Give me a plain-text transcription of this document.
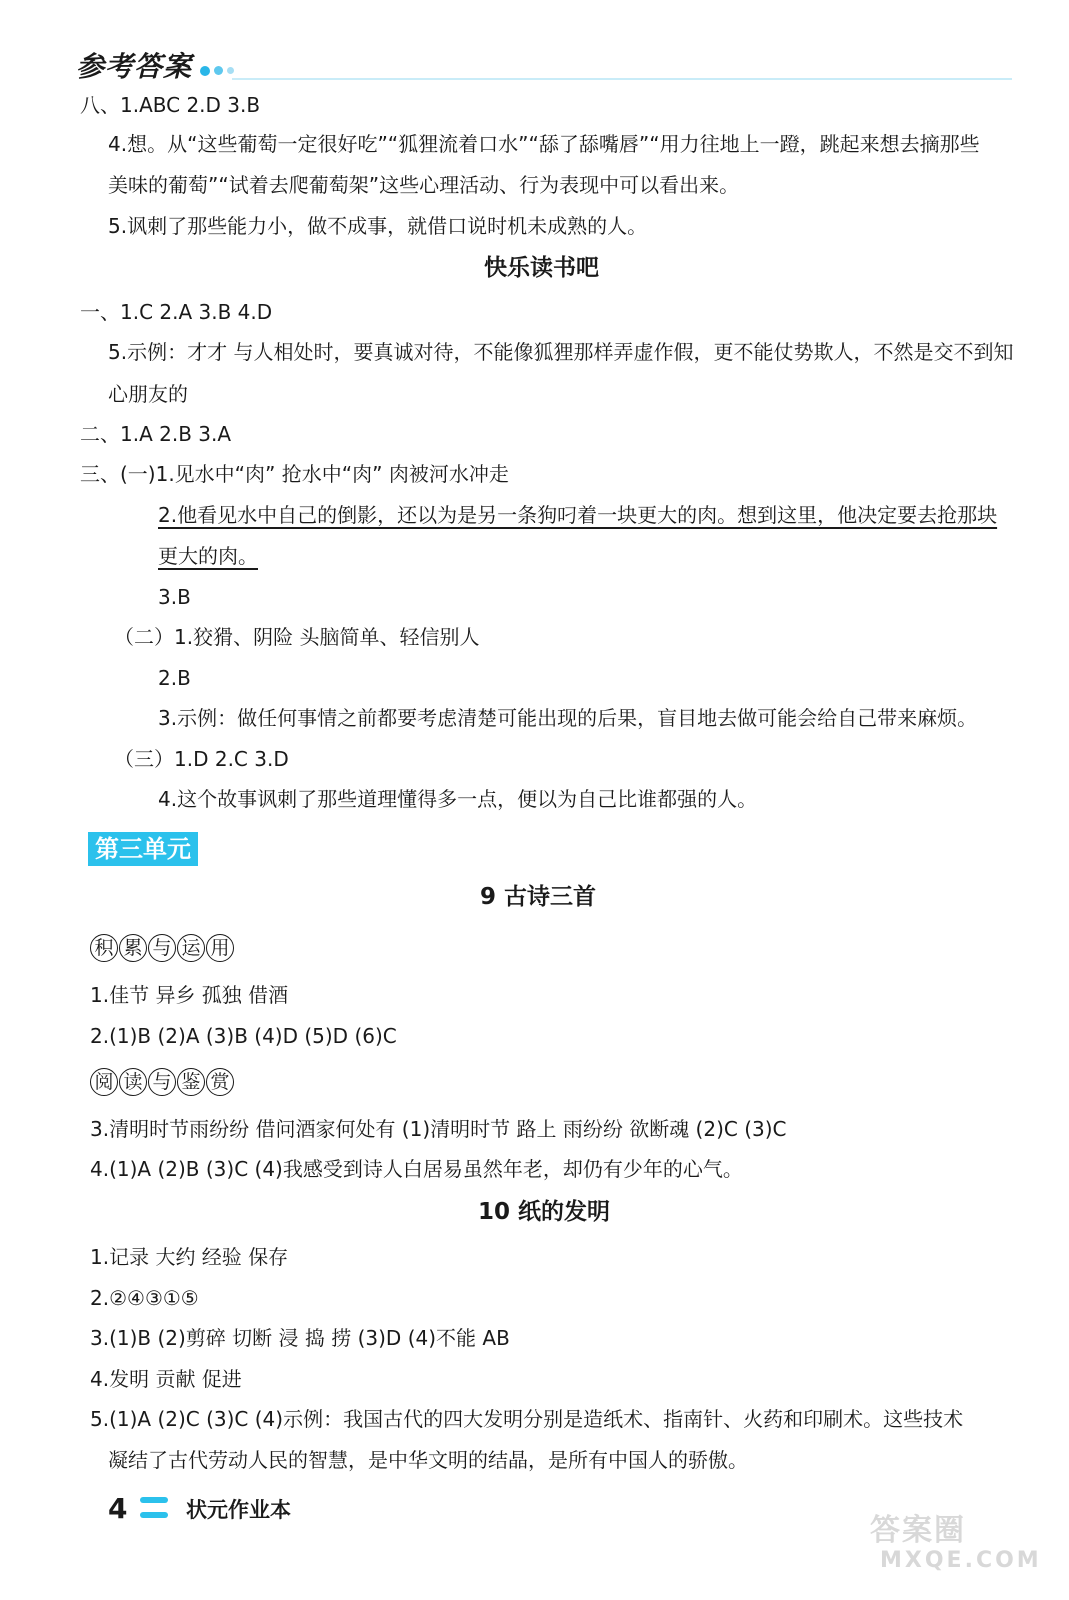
参考答案
八、1.ABC 2.D 3.B
4.想。从“这些葡萄一定很好吃”“狐狸流着口水”“舔了舔嘴唇”“用力往地上一蹬，跳起来想去摘那些
美味的葡萄”“试着去爬葡萄架”这些心理活动、行为表现中可以看出来。
5.讽刺了那些能力小，做不成事，就借口说时机未成熟的人。
快乐读书吧
一、1.C 2.A 3.B 4.D
5.示例：才才 与人相处时，要真诚对待，不能像狐狸那样弄虚作假，更不能仗势欺人，不然是交不到知
心朋友的
二、1.A 2.B 3.A
三、(一)1.见水中“肉” 抢水中“肉” 肉被河水冲走
2.他看见水中自己的倒影，还以为是另一条狗叼着一块更大的肉。想到这里，他决定要去抢那块
更大的肉。
3.B
（二）1.狡猾、阴险 头脑简单、轻信别人
2.B
3.示例：做任何事情之前都要考虑清楚可能出现的后果，盲目地去做可能会给自己带来麻烦。
（三）1.D 2.C 3.D
4.这个故事讽刺了那些道理懂得多一点，便以为自己比谁都强的人。
第三单元
9 古诗三首
积 累 与 运 用
1.佳节 异乡 孤独 借酒
2.(1)B (2)A (3)B (4)D (5)D (6)C
阅 读 与 鉴 赏
3.清明时节雨纷纷 借问酒家何处有 (1)清明时节 路上 雨纷纷 欲断魂 (2)C (3)C
4.(1)A (2)B (3)C (4)我感受到诗人白居易虽然年老，却仍有少年的心气。
10 纸的发明
1.记录 大约 经验 保存
2.②④③①⑤
3.(1)B (2)剪碎 切断 浸 捣 捞 (3)D (4)不能 AB
4.发明 贡献 促进
5.(1)A (2)C (3)C (4)示例：我国古代的四大发明分别是造纸术、指南针、火药和印刷术。这些技术
凝结了古代劳动人民的智慧，是中华文明的结晶，是所有中国人的骄傲。
4	状元作业本
答案圈
MXQE.COM
